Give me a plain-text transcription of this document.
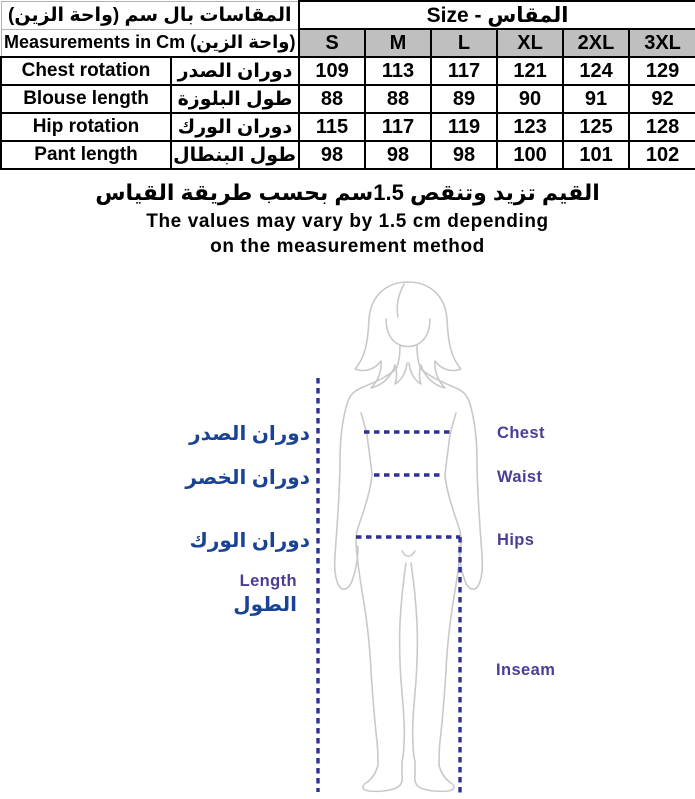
المقاسات بال سم (واحة الزين)		Size - المقاس					
Measurements in Cm (واحة الزين)		S	M	L	XL	2XL	3XL
Chest rotation	دوران الصدر	109	113	117	121	124	129
Blouse length	طول البلوزة	88	88	89	90	91	92
Hip rotation	دوران الورك	115	117	119	123	125	128
Pant length	طول البنطال	98	98	98	100	101	102
القيم تزيد وتنقص 1.5سم بحسب طريقة القياس
The values may vary by 1.5 cm depending
on the measurement method
دوران الصدر
دوران الخصر
دوران الورك
Length
الطول
Chest
Waist
Hips
Inseam
